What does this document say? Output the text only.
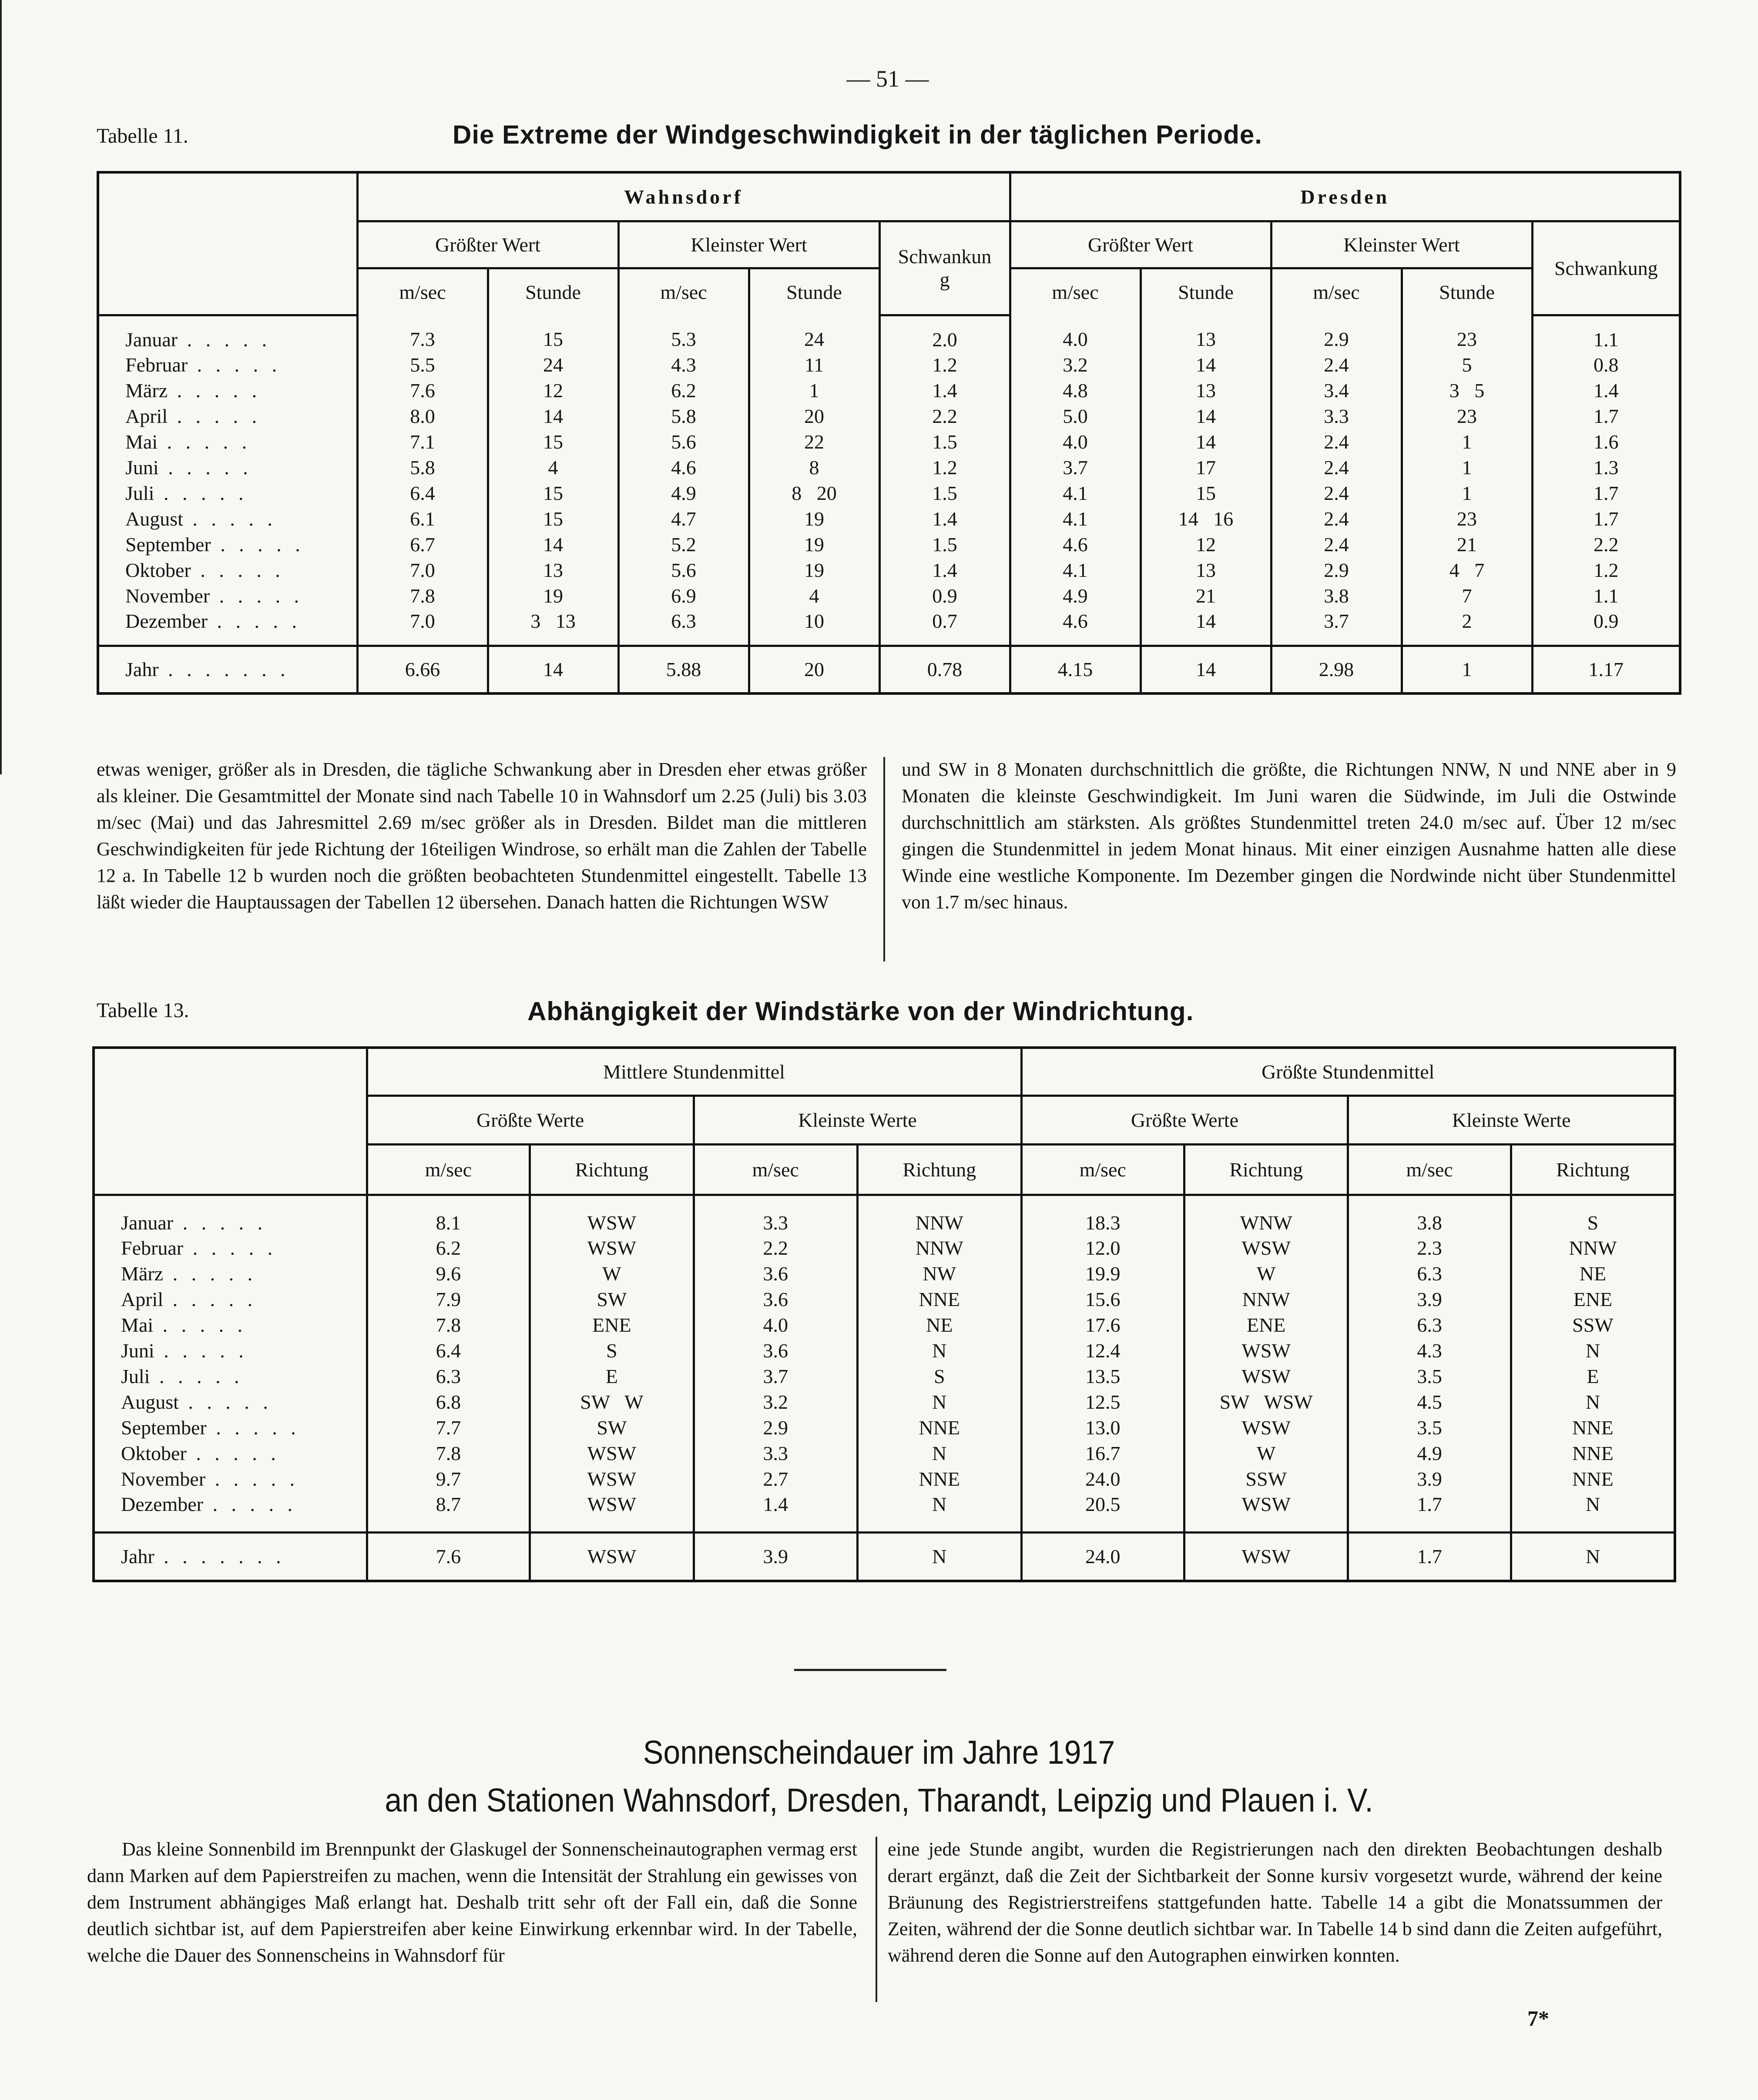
— 51 —
Tabelle 11.	Die Extreme der Windgeschwindigkeit in der täglichen Periode.
	Wahnsdorf					Dresden				
	Größter Wert		Kleinster Wert		Schwankung	Größter Wert		Kleinster Wert		Schwankung
	m/sec	Stunde	m/sec	Stunde		m/sec	Stunde	m/sec	Stunde	
Januar . . . . .	7.3	15	5.3	24	2.0	4.0	13	2.9	23	1.1
Februar . . . . .	5.5	24	4.3	11	1.2	3.2	14	2.4	5	0.8
März . . . . .	7.6	12	6.2	1	1.4	4.8	13	3.4	3   5	1.4
April . . . . .	8.0	14	5.8	20	2.2	5.0	14	3.3	23	1.7
Mai . . . . .	7.1	15	5.6	22	1.5	4.0	14	2.4	1	1.6
Juni . . . . .	5.8	4	4.6	8	1.2	3.7	17	2.4	1	1.3
Juli . . . . .	6.4	15	4.9	8   20	1.5	4.1	15	2.4	1	1.7
August . . . . .	6.1	15	4.7	19	1.4	4.1	14   16	2.4	23	1.7
September . . . . .	6.7	14	5.2	19	1.5	4.6	12	2.4	21	2.2
Oktober . . . . .	7.0	13	5.6	19	1.4	4.1	13	2.9	4   7	1.2
November . . . . .	7.8	19	6.9	4	0.9	4.9	21	3.8	7	1.1
Dezember . . . . .	7.0	3   13	6.3	10	0.7	4.6	14	3.7	2	0.9
Jahr . . . . . . .	6.66	14	5.88	20	0.78	4.15	14	2.98	1	1.17

etwas weniger, größer als in Dresden, die tägliche Schwankung aber in Dresden eher etwas größer als kleiner. Die Gesamtmittel der Monate sind nach Tabelle 10 in Wahnsdorf um 2.25 (Juli) bis 3.03 m/sec (Mai) und das Jahresmittel 2.69 m/sec größer als in Dresden. Bildet man die mittleren Geschwindigkeiten für jede Richtung der 16teiligen Windrose, so erhält man die Zahlen der Tabelle 12 a. In Tabelle 12 b wurden noch die größten beobachteten Stundenmittel eingestellt. Tabelle 13 läßt wieder die Hauptaussagen der Tabellen 12 übersehen. Danach hatten die Richtungen WSW

und SW in 8 Monaten durchschnittlich die größte, die Richtungen NNW, N und NNE aber in 9 Monaten die kleinste Geschwindigkeit. Im Juni waren die Südwinde, im Juli die Ostwinde durchschnittlich am stärksten. Als größtes Stundenmittel treten 24.0 m/sec auf. Über 12 m/sec gingen die Stundenmittel in jedem Monat hinaus. Mit einer einzigen Ausnahme hatten alle diese Winde eine westliche Komponente. Im Dezember gingen die Nordwinde nicht über Stundenmittel von 1.7 m/sec hinaus.

Tabelle 13.	Abhängigkeit der Windstärke von der Windrichtung.
	Mittlere Stundenmittel				Größte Stundenmittel			
	Größte Werte		Kleinste Werte		Größte Werte		Kleinste Werte	
	m/sec	Richtung	m/sec	Richtung	m/sec	Richtung	m/sec	Richtung
Januar . . . . .	8.1	WSW	3.3	NNW	18.3	WNW	3.8	S
Februar . . . . .	6.2	WSW	2.2	NNW	12.0	WSW	2.3	NNW
März . . . . .	9.6	W	3.6	NW	19.9	W	6.3	NE
April . . . . .	7.9	SW	3.6	NNE	15.6	NNW	3.9	ENE
Mai . . . . .	7.8	ENE	4.0	NE	17.6	ENE	6.3	SSW
Juni . . . . .	6.4	S	3.6	N	12.4	WSW	4.3	N
Juli . . . . .	6.3	E	3.7	S	13.5	WSW	3.5	E
August . . . . .	6.8	SW   W	3.2	N	12.5	SW   WSW	4.5	N
September . . . . .	7.7	SW	2.9	NNE	13.0	WSW	3.5	NNE
Oktober . . . . .	7.8	WSW	3.3	N	16.7	W	4.9	NNE
November . . . . .	9.7	WSW	2.7	NNE	24.0	SSW	3.9	NNE
Dezember . . . . .	8.7	WSW	1.4	N	20.5	WSW	1.7	N
Jahr . . . . . . .	7.6	WSW	3.9	N	24.0	WSW	1.7	N
Sonnenscheindauer im Jahre 1917
an den Stationen Wahnsdorf, Dresden, Tharandt, Leipzig und Plauen i. V.

Das kleine Sonnenbild im Brennpunkt der Glaskugel der Sonnenscheinautographen vermag erst dann Marken auf dem Papierstreifen zu machen, wenn die Intensität der Strahlung ein gewisses von dem Instrument abhängiges Maß erlangt hat. Deshalb tritt sehr oft der Fall ein, daß die Sonne deutlich sichtbar ist, auf dem Papierstreifen aber keine Einwirkung erkennbar wird. In der Tabelle, welche die Dauer des Sonnenscheins in Wahnsdorf für

eine jede Stunde angibt, wurden die Registrierungen nach den direkten Beobachtungen deshalb derart ergänzt, daß die Zeit der Sichtbarkeit der Sonne kursiv vorgesetzt wurde, während der keine Bräunung des Registrierstreifens stattgefunden hatte. Tabelle 14 a gibt die Monatssummen der Zeiten, während der die Sonne deutlich sichtbar war. In Tabelle 14 b sind dann die Zeiten aufgeführt, während deren die Sonne auf den Autographen einwirken konnten.

7*
